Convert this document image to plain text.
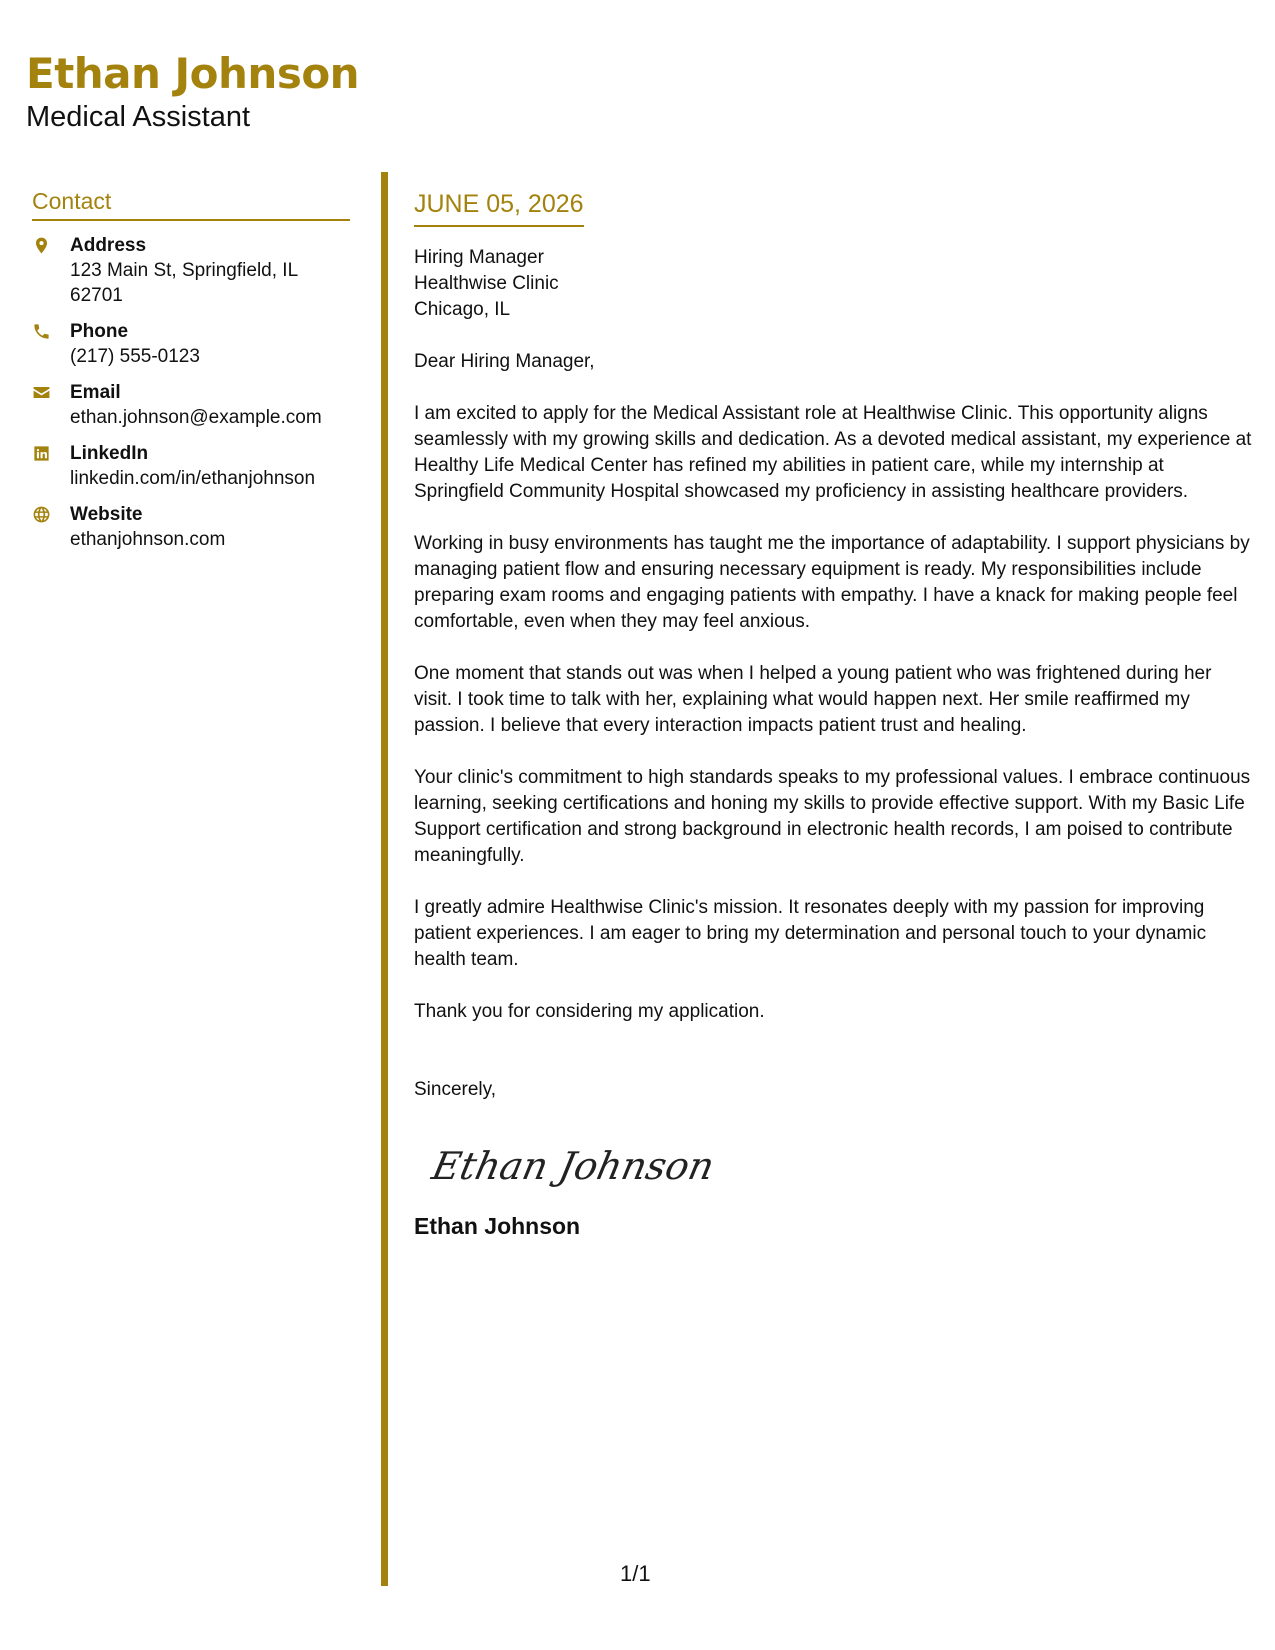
Ethan Johnson
Medical Assistant
Contact
Address
123 Main St, Springfield, IL 62701
Phone
(217) 555-0123
Email
ethan.johnson@example.com
LinkedIn
linkedin.com/in/ethanjohnson
Website
ethanjohnson.com
JUNE 05, 2026
Hiring Manager
Healthwise Clinic
Chicago, IL
Dear Hiring Manager,
I am excited to apply for the Medical Assistant role at Healthwise Clinic. This opportunity aligns seamlessly with my growing skills and dedication. As a devoted medical assistant, my experience at Healthy Life Medical Center has refined my abilities in patient care, while my internship at Springfield Community Hospital showcased my proficiency in assisting healthcare providers.
Working in busy environments has taught me the importance of adaptability. I support physicians by managing patient flow and ensuring necessary equipment is ready. My responsibilities include preparing exam rooms and engaging patients with empathy. I have a knack for making people feel comfortable, even when they may feel anxious.
One moment that stands out was when I helped a young patient who was frightened during her visit. I took time to talk with her, explaining what would happen next. Her smile reaffirmed my passion. I believe that every interaction impacts patient trust and healing.
Your clinic's commitment to high standards speaks to my professional values. I embrace continuous learning, seeking certifications and honing my skills to provide effective support. With my Basic Life Support certification and strong background in electronic health records, I am poised to contribute meaningfully.
I greatly admire Healthwise Clinic's mission. It resonates deeply with my passion for improving patient experiences. I am eager to bring my determination and personal touch to your dynamic health team.
Thank you for considering my application.
Sincerely,
Ethan Johnson
Ethan Johnson
1/1
